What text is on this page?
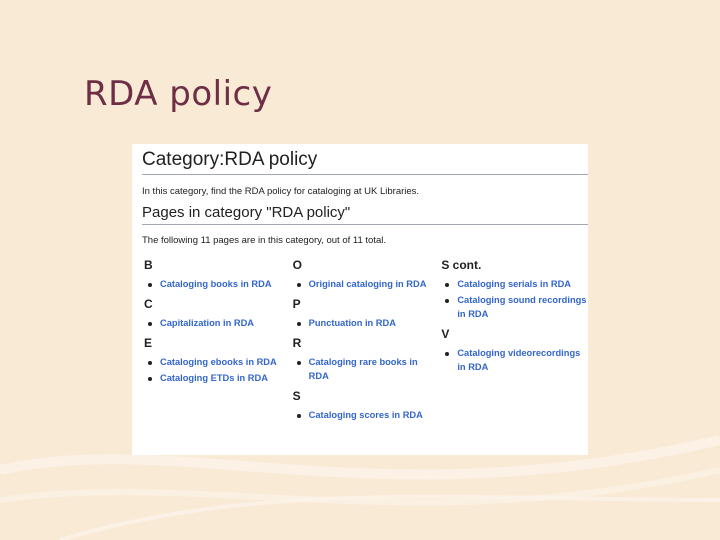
RDA policy
Category:RDA policy
In this category, find the RDA policy for cataloging at UK Libraries.
Pages in category "RDA policy"
The following 11 pages are in this category, out of 11 total.
B
Cataloging books in RDA
C
Capitalization in RDA
E
Cataloging ebooks in RDA
Cataloging ETDs in RDA
O
Original cataloging in RDA
P
Punctuation in RDA
R
Cataloging rare books in RDA
S
Cataloging scores in RDA
S cont.
Cataloging serials in RDA
Cataloging sound recordings in RDA
V
Cataloging videorecordings in RDA
